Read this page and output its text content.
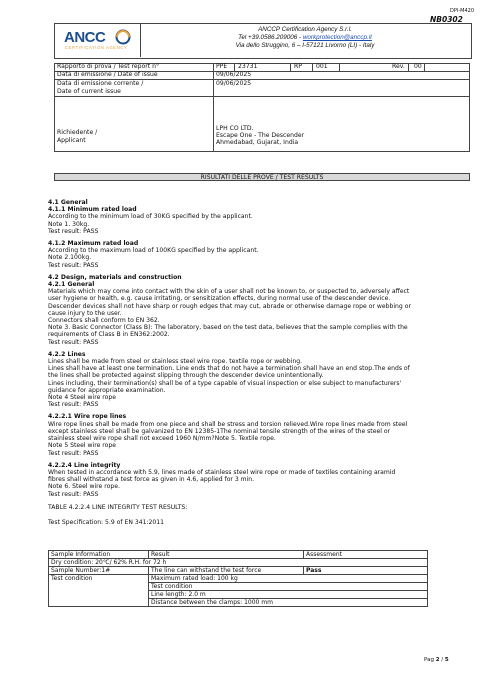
DPI-M420
ANCC
CERTIFICATION AGENCY
ANCCP Certification Agency S.r.l.
Tel +39.0586.209006 - workprotection@anccp.it
Via dello Struggino, 6 – I-57121 Livorno (LI) - Italy
NB0302
Rapporto di prova / Test report n°	PPE 23731	RP 001	Rev. 00
Data di emissione / Date of issue	09/06/2025
Data di emissione corrente /
Date of current issue
09/06/2025
Richiedente /
Applicant
LPH CO LTD.
Escape One - The Descender
Ahmedabad, Gujarat, India
RISULTATI DELLE PROVE / TEST RESULTS

4.1 General

4.1.1 Minimum rated load

According to the minimum load of 30KG specified by the applicant.

Note 1. 30kg.

Test result: PASS

4.1.2 Maximum rated load

According to the maximum load of 100KG specified by the applicant.

Note 2.100kg.

Test result: PASS

4.2 Design, materials and construction

4.2.1 General

Materials which may come into contact with the skin of a user shall not be known to, or suspected to, adversely affect

user hygiene or health, e.g. cause irritating, or sensitization effects, during normal use of the descender device.

Descender devices shall not have sharp or rough edges that may cut, abrade or otherwise damage rope or webbing or

cause injury to the user.

Connectors shall conform to EN 362.

Note 3. Basic Connector (Class B): The laboratory, based on the test data, believes that the sample complies with the

requirements of Class B in EN362:2002.

Test result: PASS

4.2.2 Lines

Lines shall be made from steel or stainless steel wire rope. textile rope or webbing.

Lines shall have at least one termination. Line ends that do not have a termination shall have an end stop.The ends of

the lines shall be protected against slipping through the descender device unintentionally.

Lines including, their termination(s) shall be of a type capable of visual inspection or else subject to manufacturers'

guidance for appropriate examination.

Note 4 Steel wire rope

Test result: PASS

4.2.2.1 Wire rope lines

Wire rope lines shall be made from one piece and shall be stress and torsion relieved.Wire rope lines made from steel

except stainless steel shall be galvanized to EN 12385-1The nominal tensile strength of the wires of the steel or

stainless steel wire rope shall not exceed 1960 N/mm?Note 5. Textile rope.

Note 5 Steel wire rope

Test result: PASS

4.2.2.4 Line integrity

When tested in accordance with 5.9, lines made of stainless steel wire rope or made of textiles containing aramid

fibres shall withstand a test force as given in 4.6, applied for 3 min.

Note 6. Steel wire rope.

Test result: PASS

TABLE 4.2.2.4 LINE INTEGRITY TEST RESULTS:

Test Specification: 5.9 of EN 341:2011

Sample Information	Result	Assessment
Dry condition: 20℃/ 62% R.H. for 72 h		
Sample Number:1#	The line can withstand the test force	Pass
Test condition	Maximum rated load: 100 kg	
	Test condition	
	Line length: 2.0 m	
	Distance between the clamps: 1000 mm	
Pag 2 / 5
